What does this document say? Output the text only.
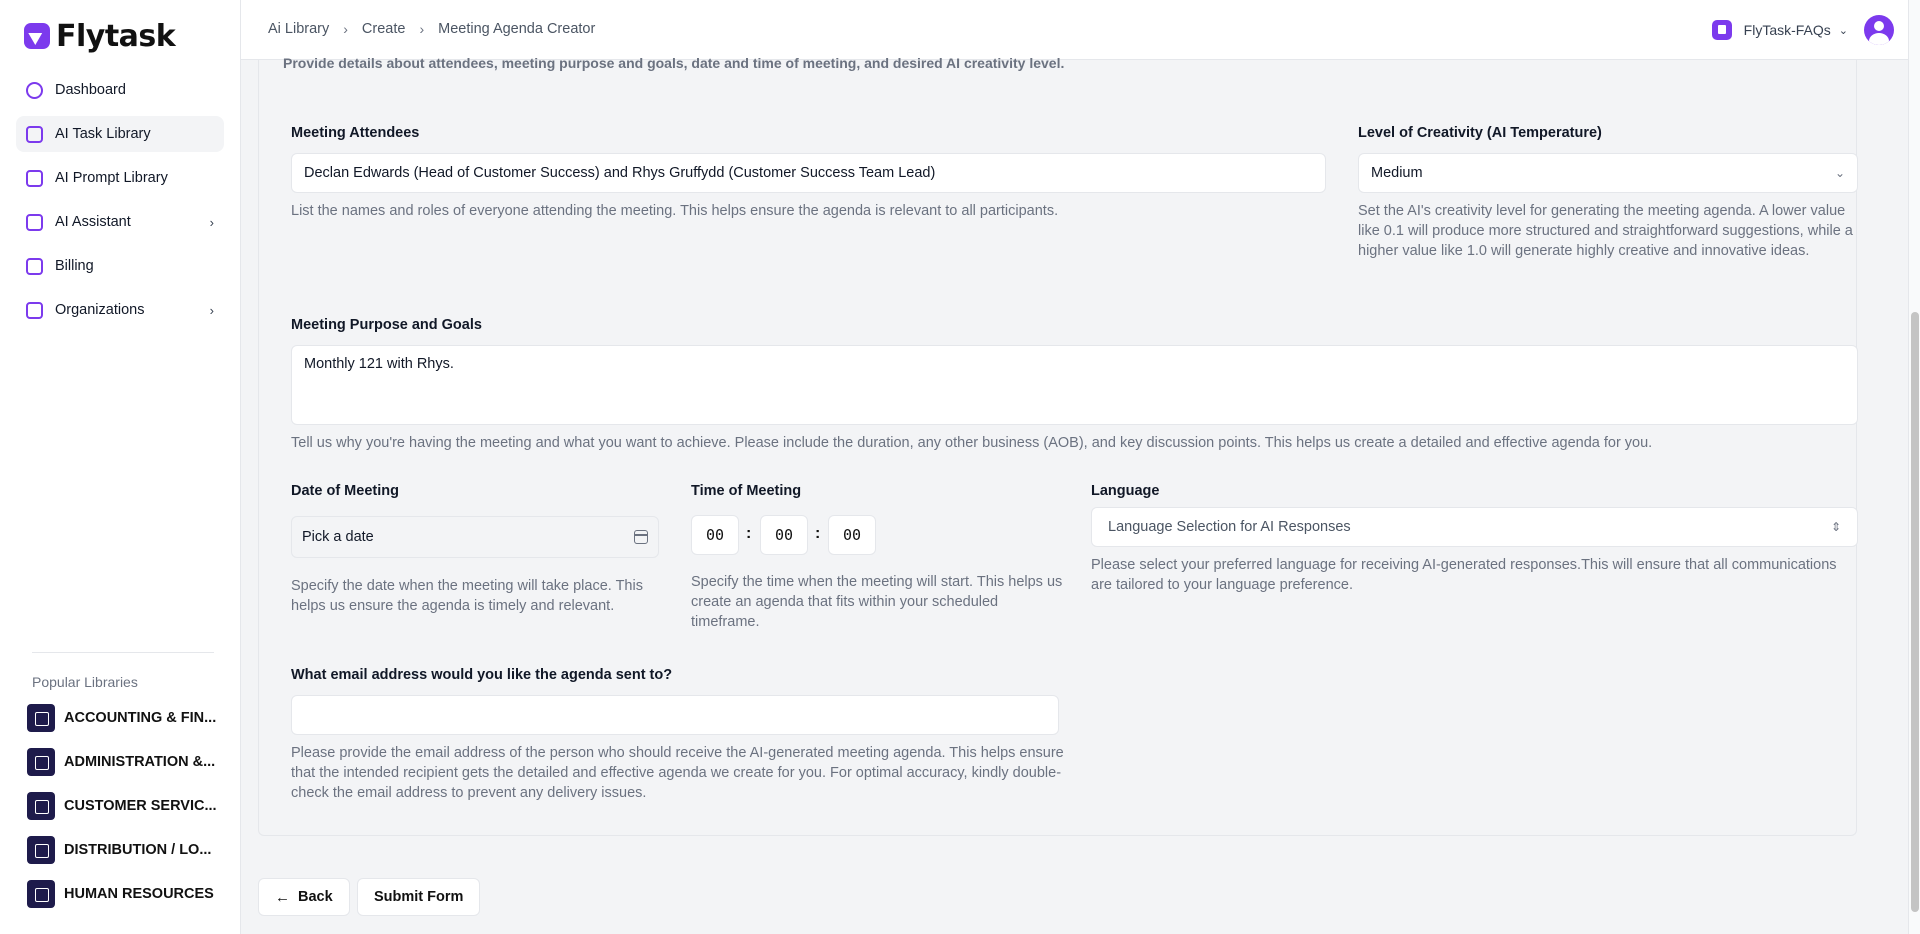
Flytask
Dashboard
AI Task Library
AI Prompt Library
AI Assistant	›
Billing
Organizations	›
Popular Libraries
ACCOUNTING & FIN...
ADMINISTRATION &...
CUSTOMER SERVIC...
DISTRIBUTION / LO...
HUMAN RESOURCES
Ai Library › Create › Meeting Agenda Creator	FlyTask-FAQs ⌄
Provide details about attendees, meeting purpose and goals, date and time of meeting, and desired AI creativity level.
Meeting Attendees
Declan Edwards (Head of Customer Success) and Rhys Gruffydd (Customer Success Team Lead)
List the names and roles of everyone attending the meeting. This helps ensure the agenda is relevant to all participants.
Level of Creativity (AI Temperature)
Medium	⌄
Set the AI's creativity level for generating the meeting agenda. A lower value like 0.1 will produce more structured and straightforward suggestions, while a higher value like 1.0 will generate highly creative and innovative ideas.
Meeting Purpose and Goals
Monthly 121 with Rhys.
Tell us why you're having the meeting and what you want to achieve. Please include the duration, any other business (AOB), and key discussion points. This helps us create a detailed and effective agenda for you.
Date of Meeting
Pick a date
Specify the date when the meeting will take place. This helps us ensure the agenda is timely and relevant.
Time of Meeting
00	:	00	:	00
Specify the time when the meeting will start. This helps us create an agenda that fits within your scheduled timeframe.
Language
Language Selection for AI Responses	⇕
Please select your preferred language for receiving AI-generated responses.This will ensure that all communications are tailored to your language preference.
What email address would you like the agenda sent to?
Please provide the email address of the person who should receive the AI-generated meeting agenda. This helps ensure that the intended recipient gets the detailed and effective agenda we create for you. For optimal accuracy, kindly double-check the email address to prevent any delivery issues.
← Back	Submit Form
